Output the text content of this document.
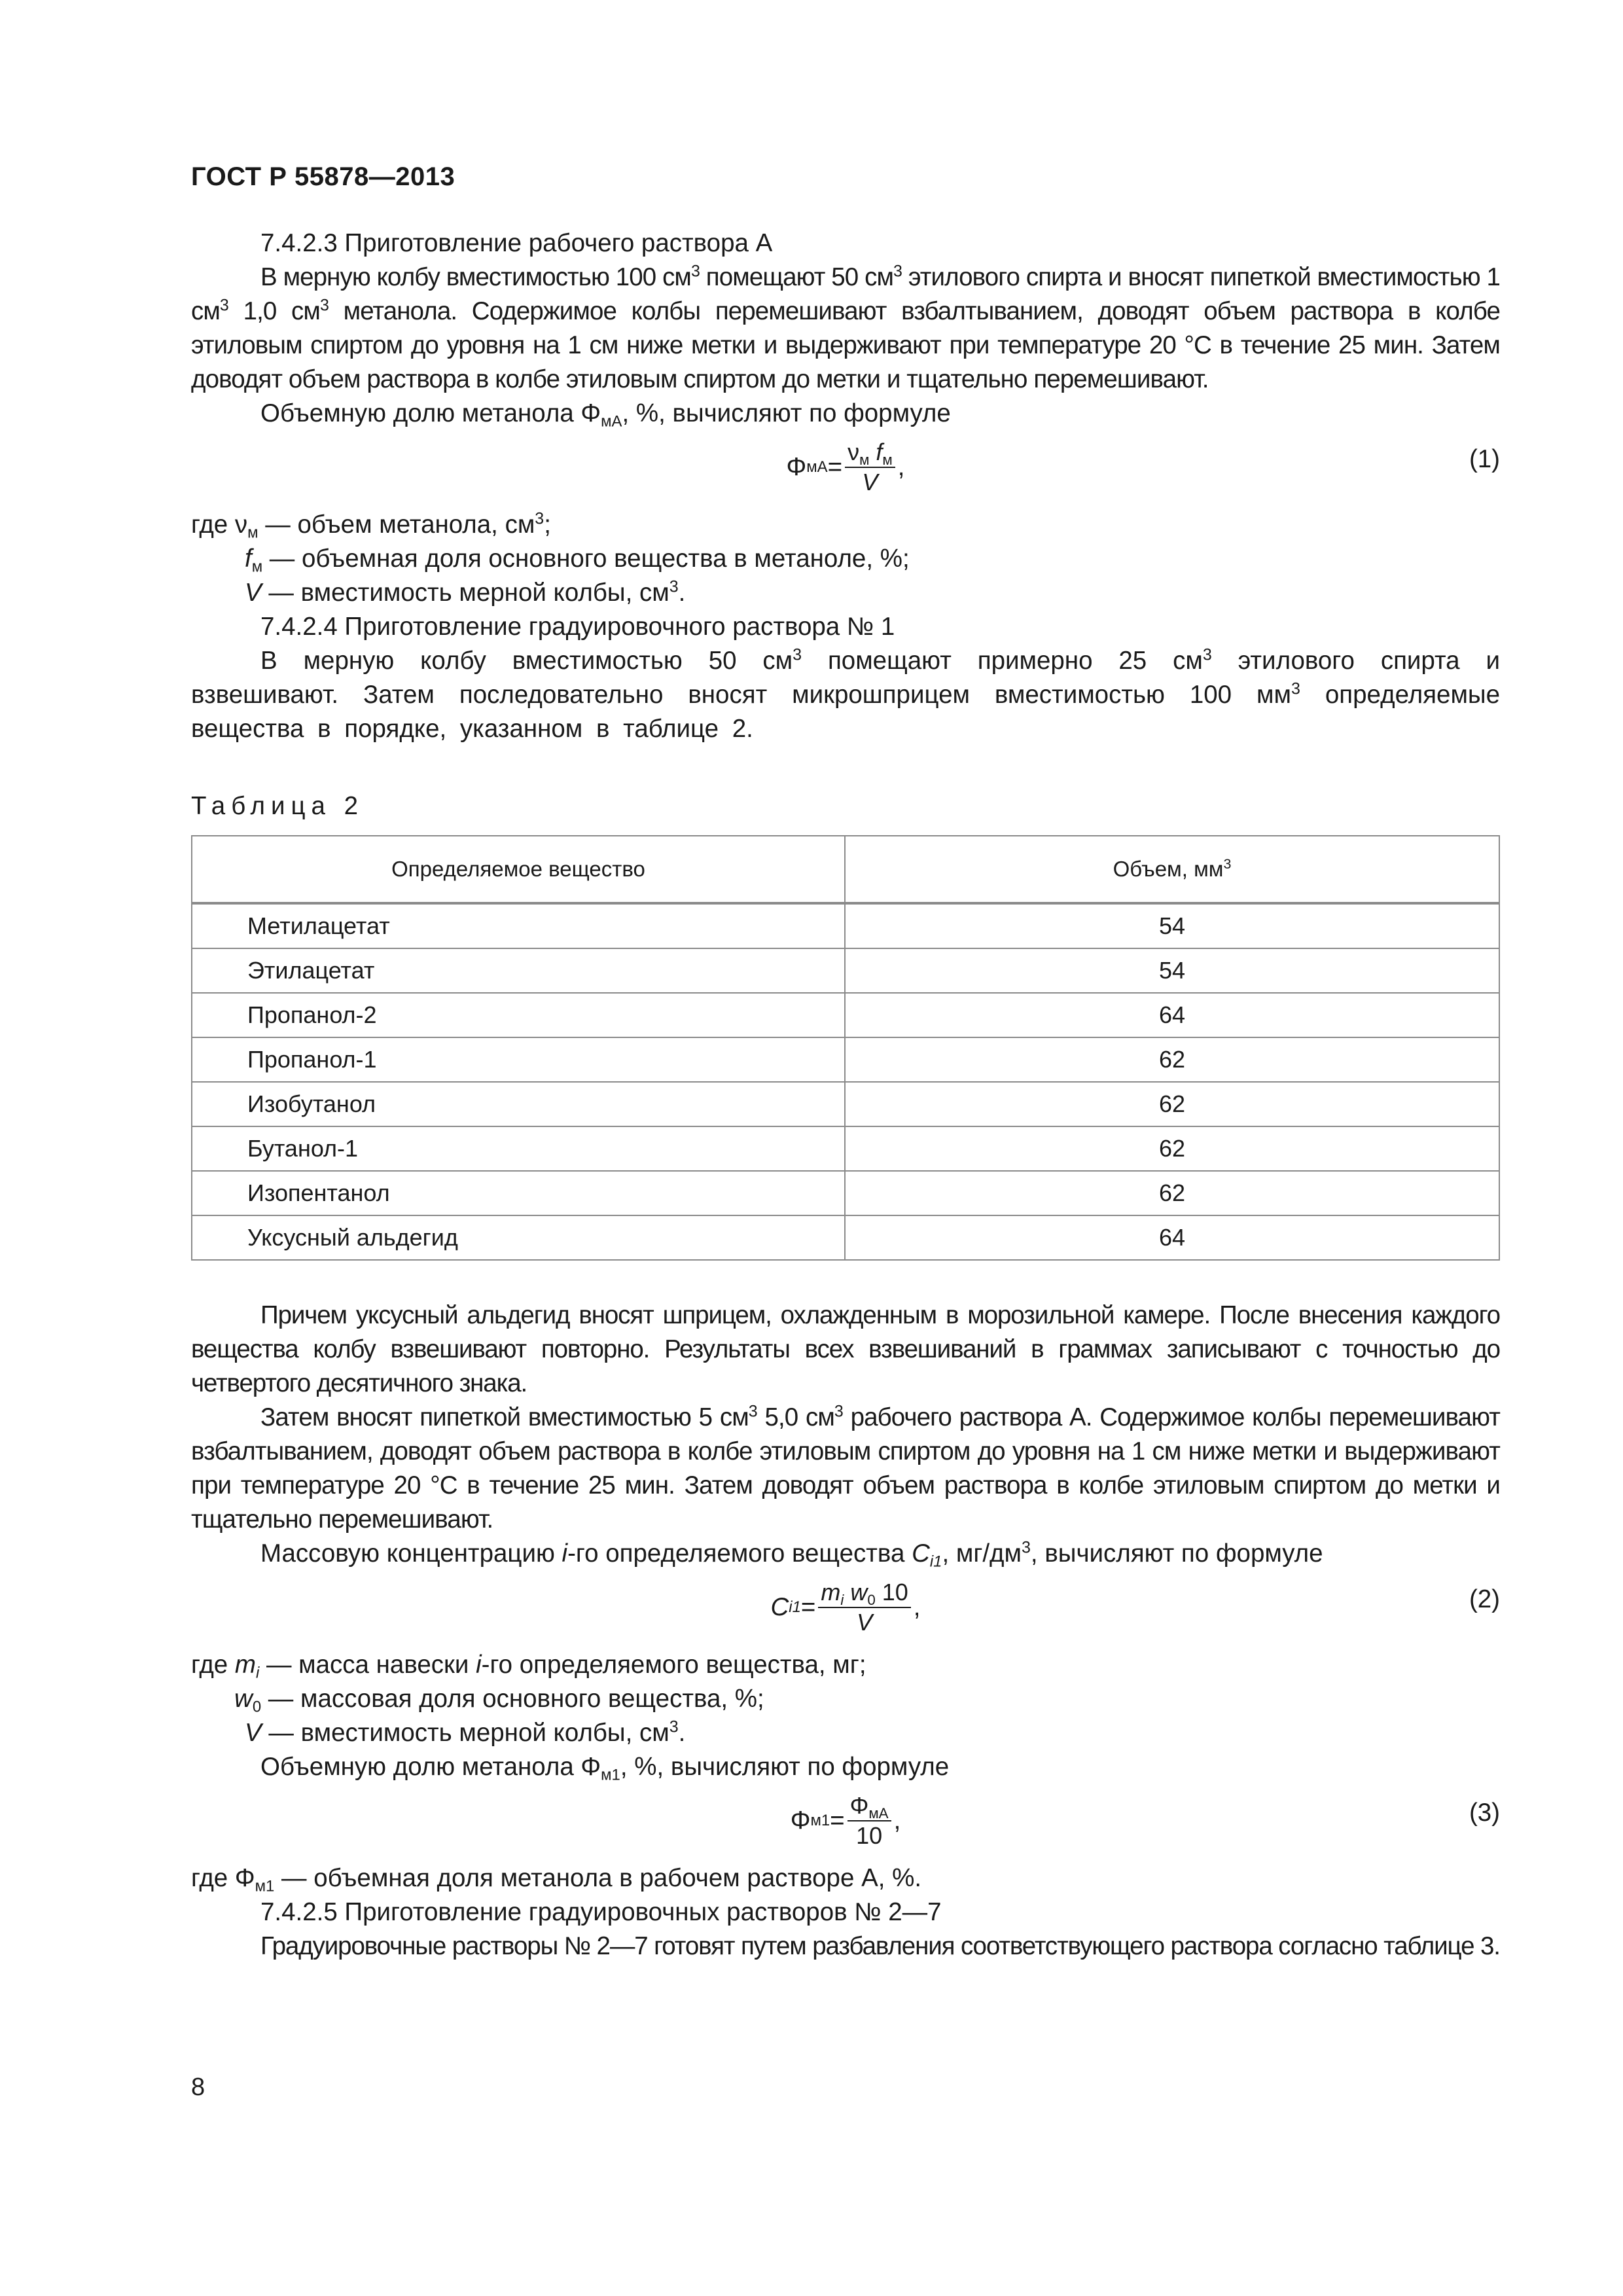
ГОСТ Р 55878—2013

7.4.2.3 Приготовление рабочего раствора А

В мерную колбу вместимостью 100 $см^3$ помещают 50 $см^3$ этилового спирта и вносят пипеткой вместимостью 1 $см^3$ 1,0 $см^3$ метанола. Содержимое колбы перемешивают взбалтыванием, доводят объем раствора в колбе этиловым спиртом до уровня на 1 см ниже метки и выдерживают при температуре 20 °С в течение 25 мин. Затем доводят объем раствора в колбе этиловым спиртом до метки и тщательно перемешивают.

Объемную долю метанола $\Phi_{мА}$, %, вычисляют по формуле

Φ мА = $\frac{\nu_м f_м}{V}$ ,	(1)

где $\nu_м$ — объем метанола, $см^3$;

$f_м$ — объемная доля основного вещества в метаноле, %;

V — вместимость мерной колбы, $см^3$.

7.4.2.4 Приготовление градуировочного раствора № 1

В мерную колбу вместимостью 50 $см^3$ помещают примерно 25 $см^3$ этилового спирта и взвешивают. Затем последовательно вносят микрошприцем вместимостью 100 $мм^3$ определяемые вещества в порядке, указанном в таблице 2.

Таблица 2

Определяемое вещество	Объем, $мм^3$
Метилацетат	54
Этилацетат	54
Пропанол-2	64
Пропанол-1	62
Изобутанол	62
Бутанол-1	62
Изопентанол	62
Уксусный альдегид	64

Причем уксусный альдегид вносят шприцем, охлажденным в морозильной камере. После внесения каждого вещества колбу взвешивают повторно. Результаты всех взвешиваний в граммах записывают с точностью до четвертого десятичного знака.

Затем вносят пипеткой вместимостью 5 $см^3$ 5,0 $см^3$ рабочего раствора А. Содержимое колбы перемешивают взбалтыванием, доводят объем раствора в колбе этиловым спиртом до уровня на 1 см ниже метки и выдерживают при температуре 20 °С в течение 25 мин. Затем доводят объем раствора в колбе этиловым спиртом до метки и тщательно перемешивают.

Массовую концентрацию i-го определяемого вещества $C_{i1}$, $мг/дм^3$, вычисляют по формуле

C $i1 = \frac{m_i w_0 10}{V}$ ,	(2)

где $m_i$ — масса навески i-го определяемого вещества, мг;

$w_0$ — массовая доля основного вещества, %;

V — вместимость мерной колбы, $см^3$.

Объемную долю метанола $\Phi_{м1}$, %, вычисляют по формуле

Φ $м1 = \frac{\Phi_{мА}}{10}$ ,	(3)

где $\Phi_{м1}$ — объемная доля метанола в рабочем растворе А, %.

7.4.2.5 Приготовление градуировочных растворов № 2—7

Градуировочные растворы № 2—7 готовят путем разбавления соответствующего раствора согласно таблице 3.

8
